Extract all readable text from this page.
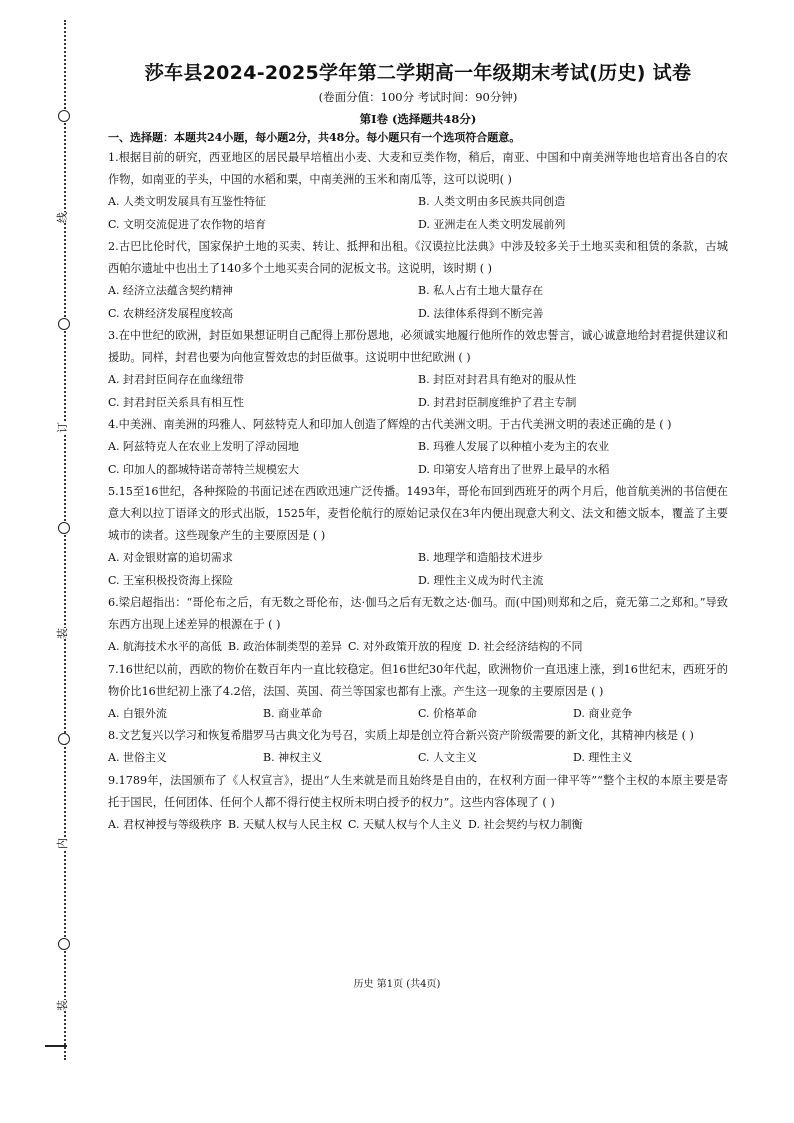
线
订
装
内
装
莎车县2024-2025学年第二学期高一年级期末考试(历史) 试卷

(卷面分值：100分 考试时间：90分钟)

第Ⅰ卷 (选择题共48分)

一、选择题：本题共24小题，每小题2分，共48分。每小题只有一个选项符合题意。

1.根据目前的研究，西亚地区的居民最早培植出小麦、大麦和豆类作物，稍后，南亚、中国和中南美洲等地也培育出各自的农作物，如南亚的芋头，中国的水稻和粟，中南美洲的玉米和南瓜等，这可以说明( )

A. 人类文明发展具有互鉴性特征	B. 人类文明由多民族共同创造
C. 文明交流促进了农作物的培育	D. 亚洲走在人类文明发展前列

2.古巴比伦时代，国家保护土地的买卖、转让、抵押和出租。《汉谟拉比法典》中涉及较多关于土地买卖和租赁的条款，古城西帕尔遗址中也出土了140多个土地买卖合同的泥板文书。这说明，该时期 ( )

A. 经济立法蕴含契约精神	B. 私人占有土地大量存在
C. 农耕经济发展程度较高	D. 法律体系得到不断完善

3.在中世纪的欧洲，封臣如果想证明自己配得上那份恩地，必须诚实地履行他所作的效忠誓言，诚心诚意地给封君提供建议和援助。同样，封君也要为向他宣誓效忠的封臣做事。这说明中世纪欧洲 ( )

A. 封君封臣间存在血缘纽带	B. 封臣对封君具有绝对的服从性
C. 封君封臣关系具有相互性	D. 封君封臣制度维护了君主专制

4.中美洲、南美洲的玛雅人、阿兹特克人和印加人创造了辉煌的古代美洲文明。于古代美洲文明的表述正确的是 ( )

A. 阿兹特克人在农业上发明了浮动园地	B. 玛雅人发展了以种植小麦为主的农业
C. 印加人的都城特诺奇蒂特兰规模宏大	D. 印第安人培育出了世界上最早的水稻

5.15至16世纪，各种探险的书面记述在西欧迅速广泛传播。1493年，哥伦布回到西班牙的两个月后，他首航美洲的书信便在意大利以拉丁语译文的形式出版，1525年，麦哲伦航行的原始记录仅在3年内便出现意大利文、法文和德文版本，覆盖了主要城市的读者。这些现象产生的主要原因是 ( )

A. 对金银财富的追切需求	B. 地理学和造船技术进步
C. 王室积极投资海上探险	D. 理性主义成为时代主流

6.梁启超指出：“哥伦布之后，有无数之哥伦布，达·伽马之后有无数之达·伽马。而(中国)则郑和之后，竟无第二之郑和。”导致东西方出现上述差异的根源在于 ( )

A. 航海技术水平的高低 B. 政治体制类型的差异 C. 对外政策开放的程度 D. 社会经济结构的不同

7.16世纪以前，西欧的物价在数百年内一直比较稳定。但16世纪30年代起，欧洲物价一直迅速上涨，到16世纪末，西班牙的物价比16世纪初上涨了4.2倍，法国、英国、荷兰等国家也都有上涨。产生这一现象的主要原因是 ( )

A. 白银外流	B. 商业革命	C. 价格革命	D. 商业竞争

8.文艺复兴以学习和恢复希腊罗马古典文化为号召，实质上却是创立符合新兴资产阶级需要的新文化，其精神内核是 ( )

A. 世俗主义	B. 神权主义	C. 人文主义	D. 理性主义

9.1789年，法国颁布了《人权宣言》，提出“人生来就是而且始终是自由的，在权利方面一律平等”“整个主权的本原主要是寄托于国民，任何团体、任何个人都不得行使主权所未明白授予的权力”。这些内容体现了 ( )

A. 君权神授与等级秩序 B. 天赋人权与人民主权 C. 天赋人权与个人主义 D. 社会契约与权力制衡
历史 第1页 (共4页)
